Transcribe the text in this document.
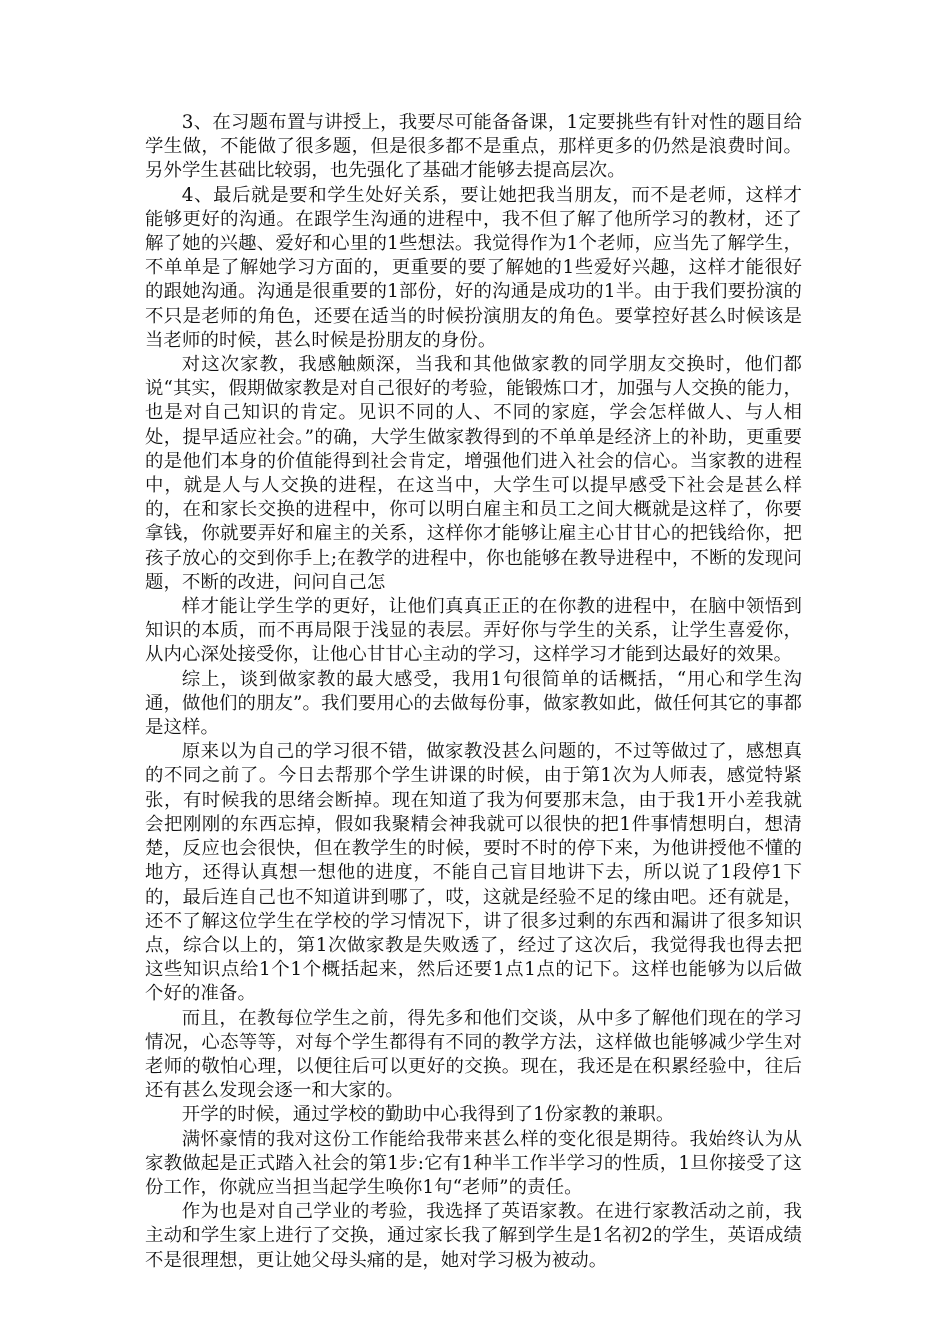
3、在习题布置与讲授上，我要尽可能备备课，1定要挑些有针对性的题目给学生做，不能做了很多题，但是很多都不是重点，那样更多的仍然是浪费时间。另外学生甚础比较弱，也先强化了基础才能够去提高层次。

4、最后就是要和学生处好关系，要让她把我当朋友，而不是老师，这样才能够更好的沟通。在跟学生沟通的进程中，我不但了解了他所学习的教材，还了解了她的兴趣、爱好和心里的1些想法。我觉得作为1个老师，应当先了解学生，不单单是了解她学习方面的，更重要的要了解她的1些爱好兴趣，这样才能很好的跟她沟通。沟通是很重要的1部份，好的沟通是成功的1半。由于我们要扮演的不只是老师的角色，还要在适当的时候扮演朋友的角色。要掌控好甚么时候该是当老师的时候，甚么时候是扮朋友的身份。

对这次家教，我感触颇深，当我和其他做家教的同学朋友交换时，他们都说“其实，假期做家教是对自己很好的考验，能锻炼口才，加强与人交换的能力，也是对自己知识的肯定。见识不同的人、不同的家庭，学会怎样做人、与人相处，提早适应社会。”的确，大学生做家教得到的不单单是经济上的补助，更重要的是他们本身的价值能得到社会肯定，增强他们进入社会的信心。当家教的进程中，就是人与人交换的进程，在这当中，大学生可以提早感受下社会是甚么样的，在和家长交换的进程中，你可以明白雇主和员工之间大概就是这样了，你要拿钱，你就要弄好和雇主的关系，这样你才能够让雇主心甘甘心的把钱给你，把孩子放心的交到你手上;在教学的进程中，你也能够在教导进程中，不断的发现问题，不断的改进，问问自己怎

样才能让学生学的更好，让他们真真正正的在你教的进程中，在脑中领悟到知识的本质，而不再局限于浅显的表层。弄好你与学生的关系，让学生喜爱你，从内心深处接受你，让他心甘甘心主动的学习，这样学习才能到达最好的效果。

综上，谈到做家教的最大感受，我用1句很简单的话概括，“用心和学生沟通，做他们的朋友”。我们要用心的去做每份事，做家教如此，做任何其它的事都是这样。

原来以为自己的学习很不错，做家教没甚么问题的，不过等做过了，感想真的不同之前了。今日去帮那个学生讲课的时候，由于第1次为人师表，感觉特紧张，有时候我的思绪会断掉。现在知道了我为何要那末急，由于我1开小差我就会把刚刚的东西忘掉，假如我聚精会神我就可以很快的把1件事情想明白，想清楚，反应也会很快，但在教学生的时候，要时不时的停下来，为他讲授他不懂的地方，还得认真想一想他的进度，不能自己盲目地讲下去，所以说了1段停1下的，最后连自己也不知道讲到哪了，哎，这就是经验不足的缘由吧。还有就是，还不了解这位学生在学校的学习情况下，讲了很多过剩的东西和漏讲了很多知识点，综合以上的，第1次做家教是失败透了，经过了这次后，我觉得我也得去把这些知识点给1个1个概括起来，然后还要1点1点的记下。这样也能够为以后做个好的准备。

而且，在教每位学生之前，得先多和他们交谈，从中多了解他们现在的学习情况，心态等等，对每个学生都得有不同的教学方法，这样做也能够减少学生对老师的敬怕心理，以便往后可以更好的交换。现在，我还是在积累经验中，往后还有甚么发现会逐一和大家的。

开学的时候，通过学校的勤助中心我得到了1份家教的兼职。

满怀豪情的我对这份工作能给我带来甚么样的变化很是期待。我始终认为从家教做起是正式踏入社会的第1步:它有1种半工作半学习的性质，1旦你接受了这份工作，你就应当担当起学生唤你1句“老师”的责任。

作为也是对自己学业的考验，我选择了英语家教。在进行家教活动之前，我主动和学生家上进行了交换，通过家长我了解到学生是1名初2的学生，英语成绩不是很理想，更让她父母头痛的是，她对学习极为被动。
